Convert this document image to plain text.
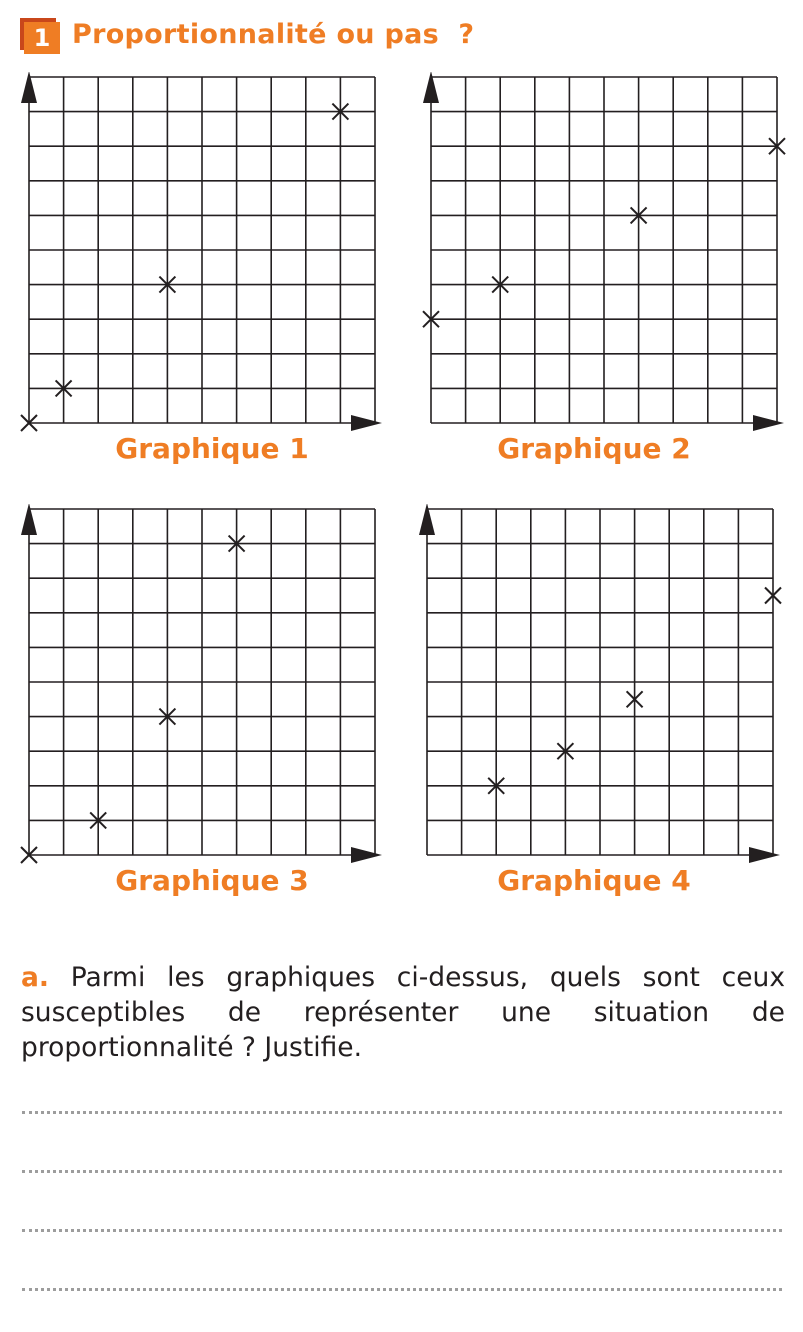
1 Proportionnalité ou pas  ?
Graphique 1	Graphique 2
Graphique 3	Graphique 4
a. Parmi les graphiques ci-dessus, quels sont ceux susceptibles de représenter une situation de proportionnalité ? Justifie.
